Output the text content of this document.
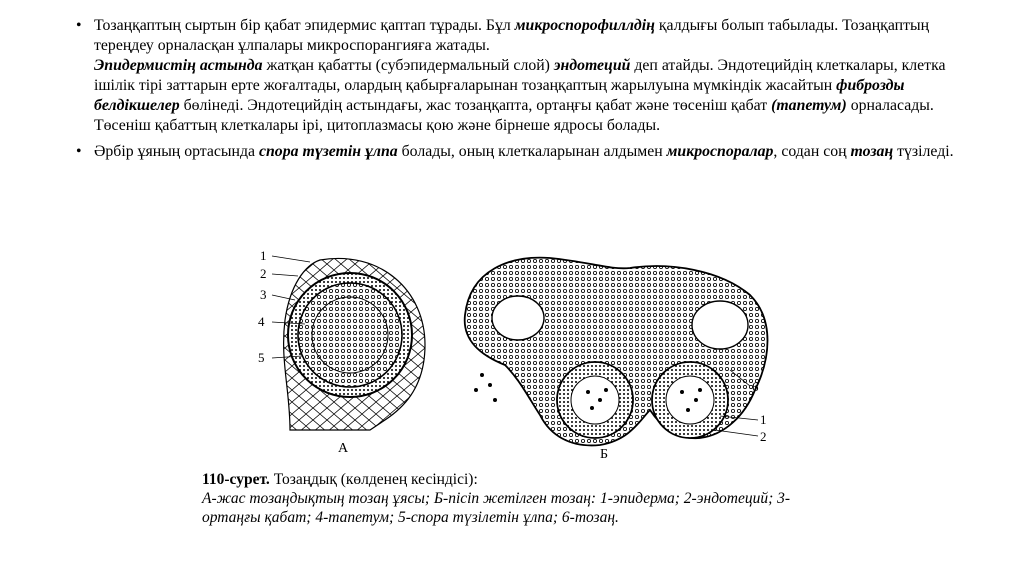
• Тозаңқаптың сыртын бір қабат эпидермис қаптап тұрады. Бұл микроспорофиллдің қалдығы болып табылады. Тозаңқаптың тереңдеу орналасқан ұлпалары микроспорангияға жатады.
Эпидермистің астында жатқан қабатты (субэпидермальный слой) эндотеций деп атайды. Эндотецийдің клеткалары, клетка ішілік тірі заттарын ерте жоғалтады, олардың қабырғаларынан тозаңқаптың жарылуына мүмкіндік жасайтын фиброзды белдікшелер бөлінеді. Эндотецийдің астындағы, жас тозаңқапта, ортаңғы қабат және төсеніш қабат (тапетум) орналасады. Төсеніш қабаттың клеткалары ірі, цитоплазмасы қою және бірнеше ядросы болады.
• Әрбір ұяның ортасында спора түзетін ұлпа болады, оның клеткаларынан алдымен микроспоралар, содан соң тозаң түзіледі.
1
2
3
4
5
А
6
1
2
Б
110-сурет. Тозаңдық (көлденең кесіндісі):
А-жас тозаңдықтың тозаң ұясы; Б-пісіп жетілген тозаң: 1-эпидерма; 2-эндотеций; 3-ортаңғы қабат; 4-тапетум; 5-спора түзілетін ұлпа; 6-тозаң.
